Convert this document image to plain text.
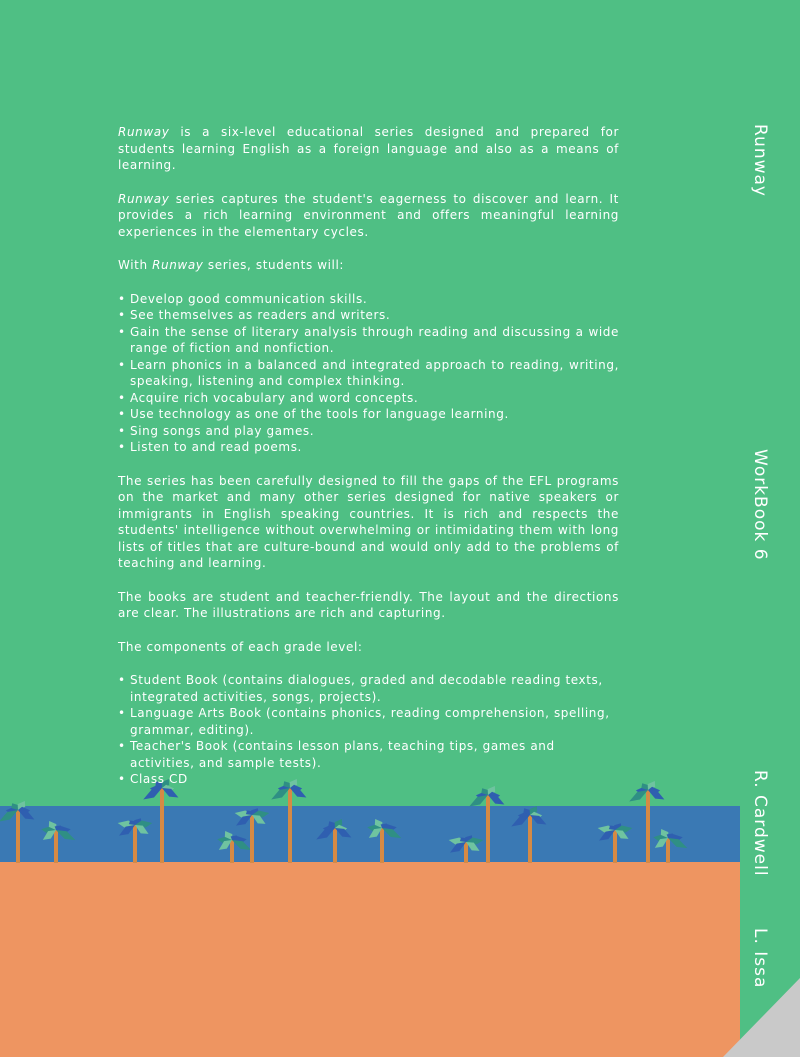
Runway
WorkBook 6
R. Cardwell
L. Issa

Runway is a six-level educational series designed and prepared for students learning English as a foreign language and also as a means of learning.

Runway series captures the student's eagerness to discover and learn. It provides a rich learning environment and offers meaningful learning experiences in the elementary cycles.

With Runway series, students will:

• Develop good communication skills.
• See themselves as readers and writers.
• Gain the sense of literary analysis through reading and discussing a wide range of fiction and nonfiction.
• Learn phonics in a balanced and integrated approach to reading, writing, speaking, listening and complex thinking.
• Acquire rich vocabulary and word concepts.
• Use technology as one of the tools for language learning.
• Sing songs and play games.
• Listen to and read poems.

The series has been carefully designed to fill the gaps of the EFL programs on the market and many other series designed for native speakers or immigrants in English speaking countries. It is rich and respects the students' intelligence without overwhelming or intimidating them with long lists of titles that are culture-bound and would only add to the problems of teaching and learning.

The books are student and teacher-friendly. The layout and the directions are clear. The illustrations are rich and capturing.

The components of each grade level:

• Student Book (contains dialogues, graded and decodable reading texts, integrated activities, songs, projects).
• Language Arts Book (contains phonics, reading comprehension, spelling, grammar, editing).
• Teacher's Book (contains lesson plans, teaching tips, games and activities, and sample tests).
• Class CD
